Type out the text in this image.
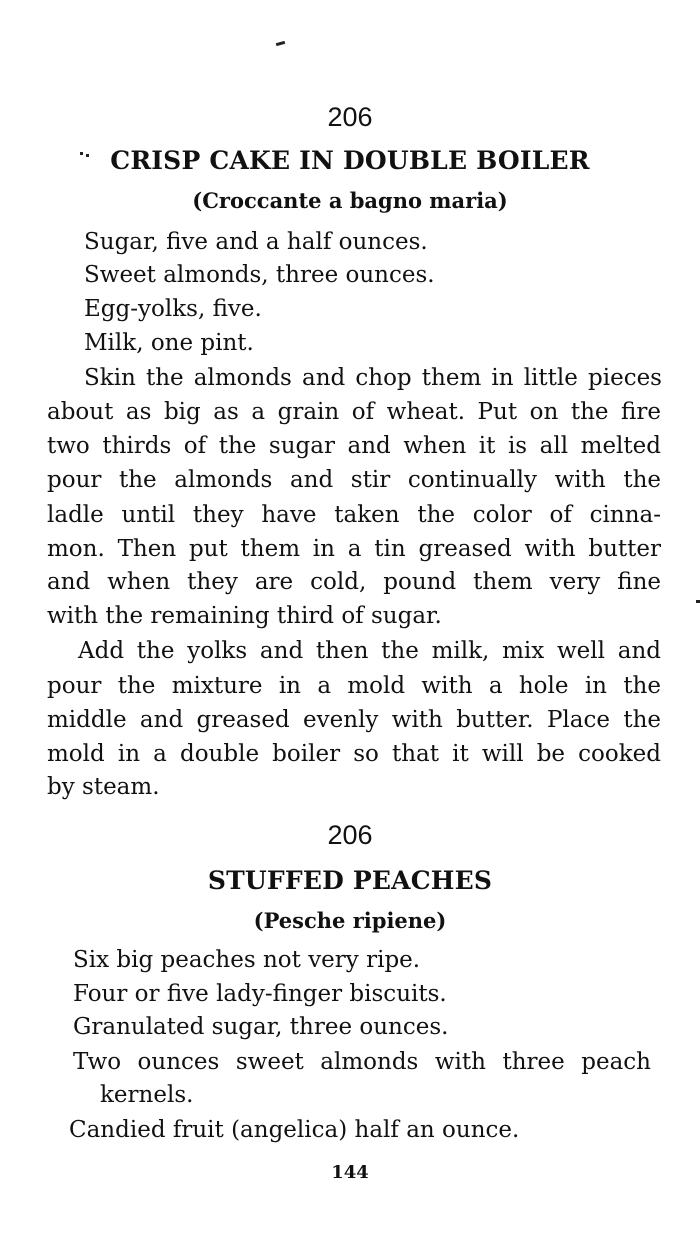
206
CRISP CAKE IN DOUBLE BOILER
(Croccante a bagno maria)
Sugar, five and a half ounces.
Sweet almonds, three ounces.
Egg-yolks, five.
Milk, one pint.
Skin the almonds and chop them in little pieces
about as big as a grain of wheat. Put on the fire
two thirds of the sugar and when it is all melted
pour the almonds and stir continually with the
ladle until they have taken the color of cinna-
mon. Then put them in a tin greased with butter
and when they are cold, pound them very fine
with the remaining third of sugar.
Add the yolks and then the milk, mix well and
pour the mixture in a mold with a hole in the
middle and greased evenly with butter. Place the
mold in a double boiler so that it will be cooked
by steam.
206
STUFFED PEACHES
(Pesche ripiene)
Six big peaches not very ripe.
Four or five lady-finger biscuits.
Granulated sugar, three ounces.
Two ounces sweet almonds with three peach
kernels.
Candied fruit (angelica) half an ounce.
144
